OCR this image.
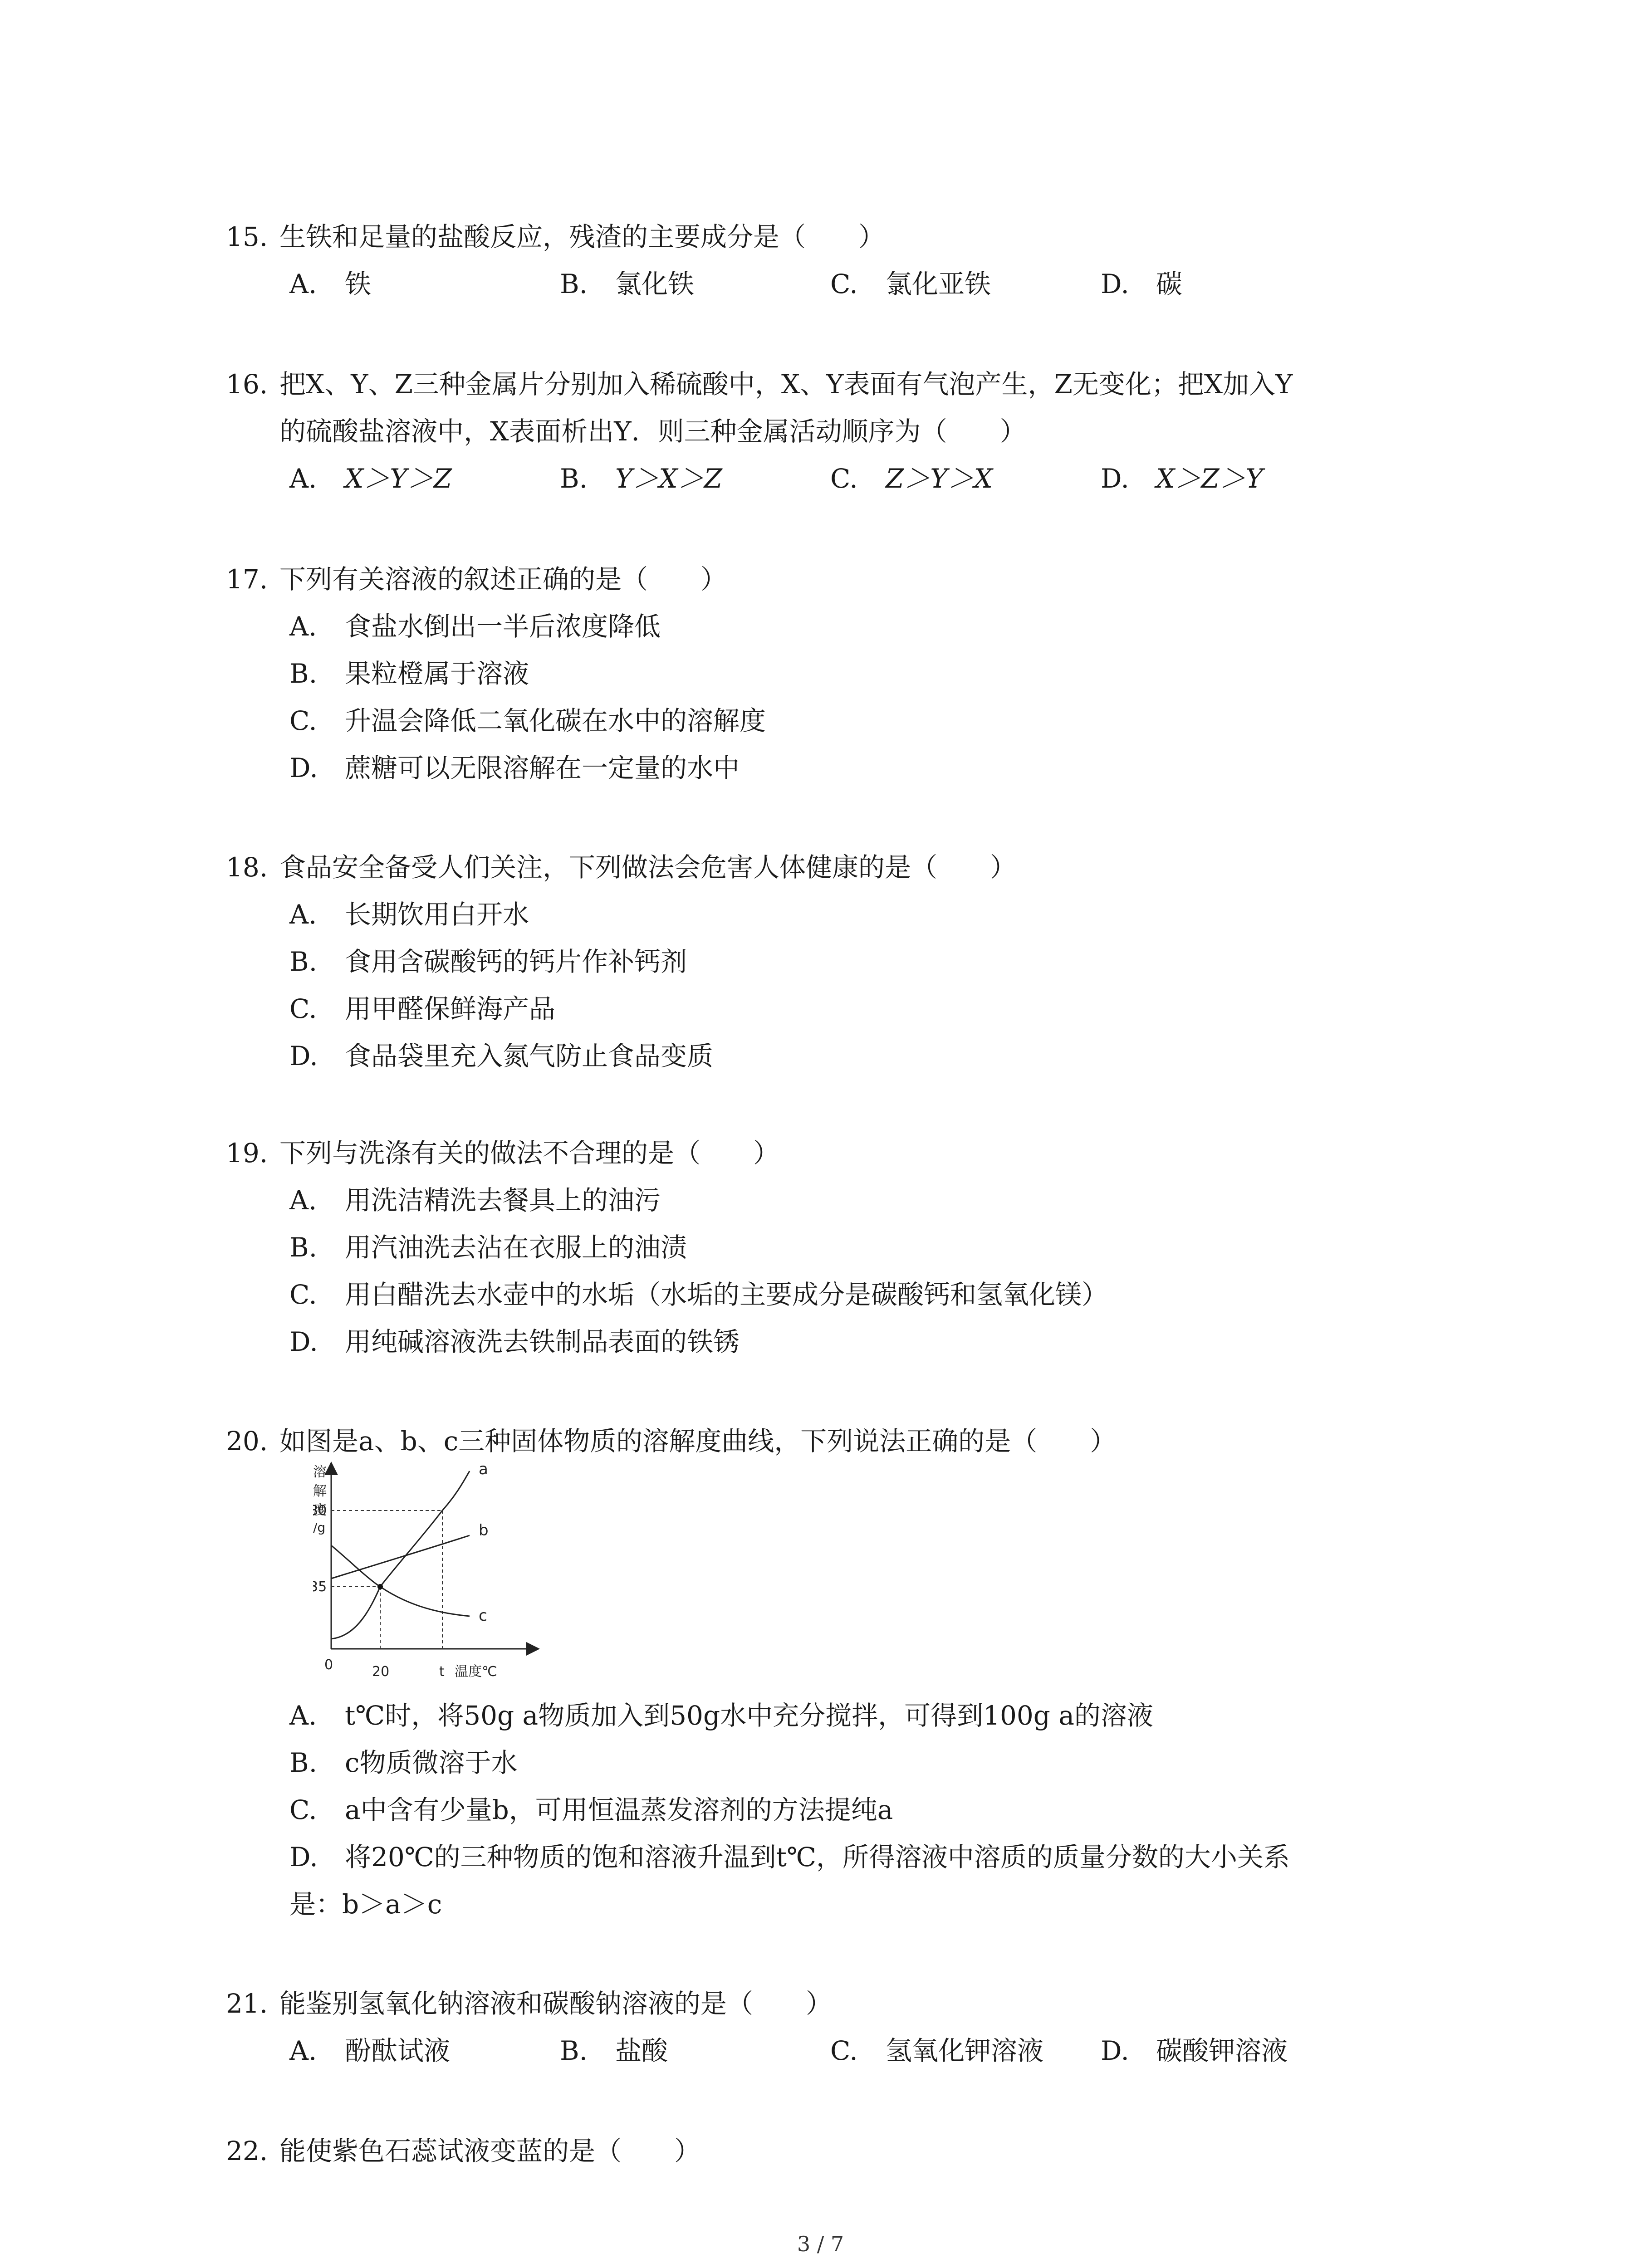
15. 生铁和足量的盐酸反应，残渣的主要成分是（　　）

A. 铁	B. 氯化铁	C. 氯化亚铁	D. 碳

16. 把X、Y、Z三种金属片分别加入稀硫酸中，X、Y表面有气泡产生，Z无变化；把X加入Y

的硫酸盐溶液中，X表面析出Y．则三种金属活动顺序为（　　）

A. X＞Y＞Z	B. Y＞X＞Z	C. Z＞Y＞X	D. X＞Z＞Y

17. 下列有关溶液的叙述正确的是（　　）

A. 食盐水倒出一半后浓度降低

B. 果粒橙属于溶液

C. 升温会降低二氧化碳在水中的溶解度

D. 蔗糖可以无限溶解在一定量的水中

18. 食品安全备受人们关注，下列做法会危害人体健康的是（　　）

A. 长期饮用白开水

B. 食用含碳酸钙的钙片作补钙剂

C. 用甲醛保鲜海产品

D. 食品袋里充入氮气防止食品变质

19. 下列与洗涤有关的做法不合理的是（　　）

A. 用洗洁精洗去餐具上的油污

B. 用汽油洗去沾在衣服上的油渍

C. 用白醋洗去水壶中的水垢（水垢的主要成分是碳酸钙和氢氧化镁）

D. 用纯碱溶液洗去铁制品表面的铁锈

20. 如图是a、b、c三种固体物质的溶解度曲线，下列说法正确的是（　　）

a
b
c
溶
解
度
/g
80
35
0	20	t 温度℃

A. t℃时，将50g a物质加入到50g水中充分搅拌，可得到100g a的溶液

B. c物质微溶于水

C. a中含有少量b，可用恒温蒸发溶剂的方法提纯a

D. 将20℃的三种物质的饱和溶液升温到t℃，所得溶液中溶质的质量分数的大小关系

是：b＞a＞c

21. 能鉴别氢氧化钠溶液和碳酸钠溶液的是（　　）

A. 酚酞试液	B. 盐酸	C. 氢氧化钾溶液 D. 碳酸钾溶液

22. 能使紫色石蕊试液变蓝的是（　　）

3 / 7
